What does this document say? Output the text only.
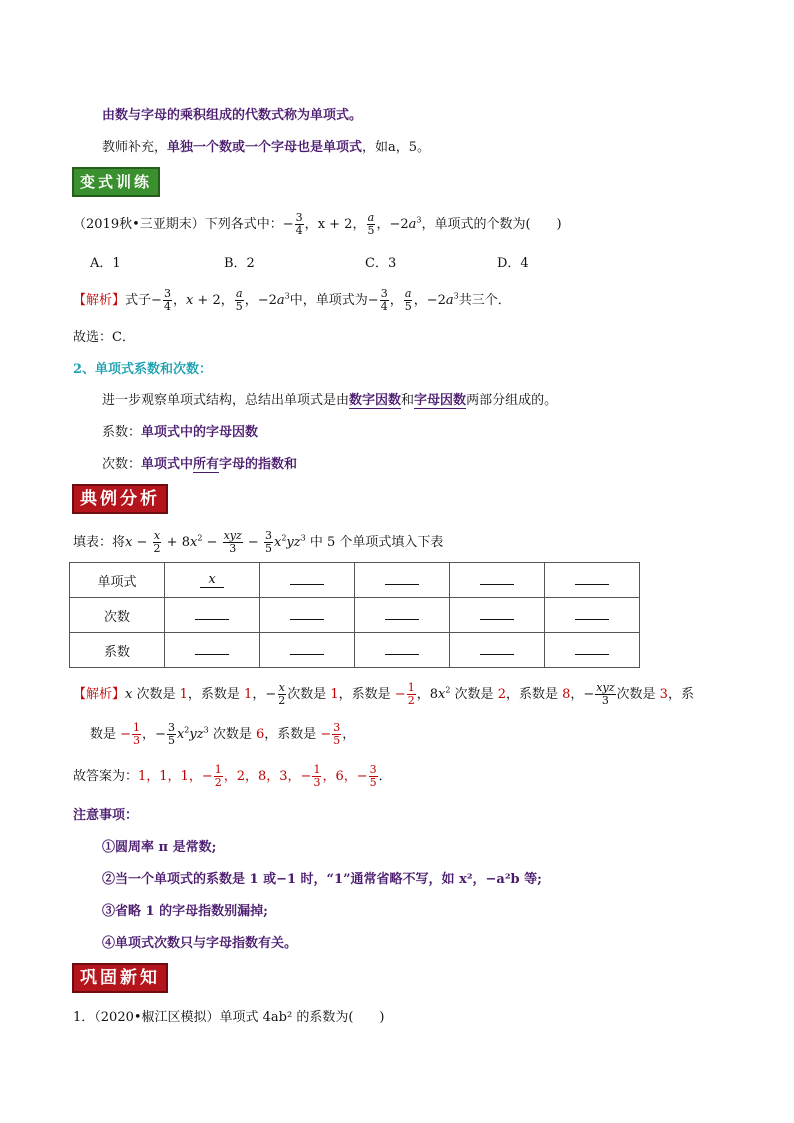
由数与字母的乘积组成的代数式称为单项式。
教师补充，单独一个数或一个字母也是单项式，如a，5。
变式训练
（2019秋•三亚期末）下列各式中：− $\frac{3}{4}$ ，x + 2， $\frac{a}{5}$ ，$-2a^3$，单项式的个数为(　　)
A．1	B．2	C．3	D．4
【解析】式子− $\frac{3}{4}$ ，x + 2， $\frac{a}{5}$ ，$-2a^3$中，单项式为− $\frac{3}{4}$ ， $\frac{a}{5}$ ，$-2a^3$共三个．
故选：C．
2、单项式系数和次数：
进一步观察单项式结构，总结出单项式是由数字因数和字母因数两部分组成的。
系数：单项式中的字母因数
次数：单项式中所有字母的指数和
典例分析
填表：将$x - \frac{x}{2} + 8x^2 - \frac{\text{xyz}}{3} - \frac{3}{5} x^2yz^3$ 中 5 个单项式填入下表
单项式	x				
次数					
系数					
【解析】x 次数是 1，系数是 1，− $\frac{x}{2}$ 次数是 1，系数是 − $\frac{1}{2}$ ，$8x^2$ 次数是 2，系数是 8，− $\frac{\text{xyz}}{3}$ 次数是 3，系
数是 − $\frac{1}{3}$ ，− $\frac{3}{5} x^2yz^3$ 次数是 6，系数是 − $\frac{3}{5}$ ，
故答案为：1，1，1，− $\frac{1}{2}$ ，2，8，3，− $\frac{1}{3}$ ，6，− $\frac{3}{5}$ ．
注意事项：
①圆周率 π 是常数;
②当一个单项式的系数是 1 或−1 时，“1”通常省略不写，如 x²，−a²b 等;
③省略 1 的字母指数别漏掉;
④单项式次数只与字母指数有关。
巩固新知
1．（2020•椒江区模拟）单项式 4ab² 的系数为(　　)
